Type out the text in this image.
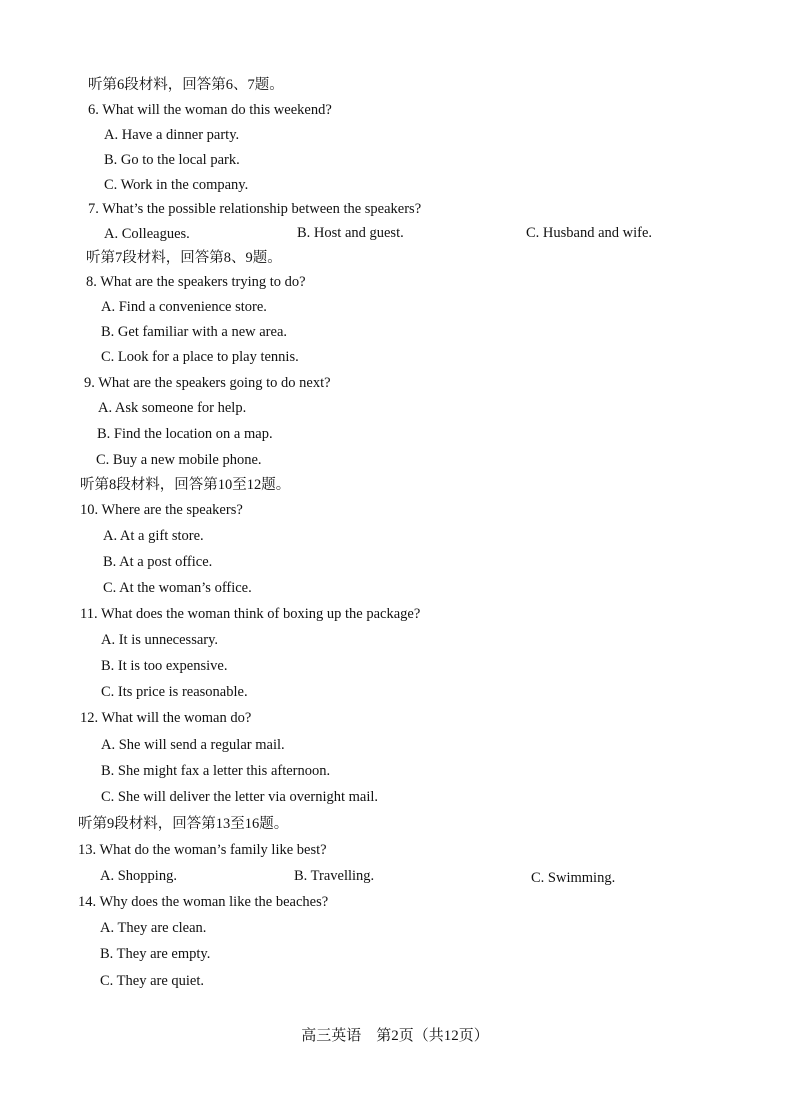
听第6段材料，回答第6、7题。
6. What will the woman do this weekend?
A. Have a dinner party.
B. Go to the local park.
C. Work in the company.
7. What’s the possible relationship between the speakers?
A. Colleagues.	B. Host and guest.	C. Husband and wife.
听第7段材料，回答第8、9题。
8. What are the speakers trying to do?
A. Find a convenience store.
B. Get familiar with a new area.
C. Look for a place to play tennis.
9. What are the speakers going to do next?
A. Ask someone for help.
B. Find the location on a map.
C. Buy a new mobile phone.
听第8段材料，回答第10至12题。
10. Where are the speakers?
A. At a gift store.
B. At a post office.
C. At the woman’s office.
11. What does the woman think of boxing up the package?
A. It is unnecessary.
B. It is too expensive.
C. Its price is reasonable.
12. What will the woman do?
A. She will send a regular mail.
B. She might fax a letter this afternoon.
C. She will deliver the letter via overnight mail.
听第9段材料，回答第13至16题。
13. What do the woman’s family like best?
A. Shopping.	B. Travelling.	C. Swimming.
14. Why does the woman like the beaches?
A. They are clean.
B. They are empty.
C. They are quiet.
高三英语　第2页（共12页）
